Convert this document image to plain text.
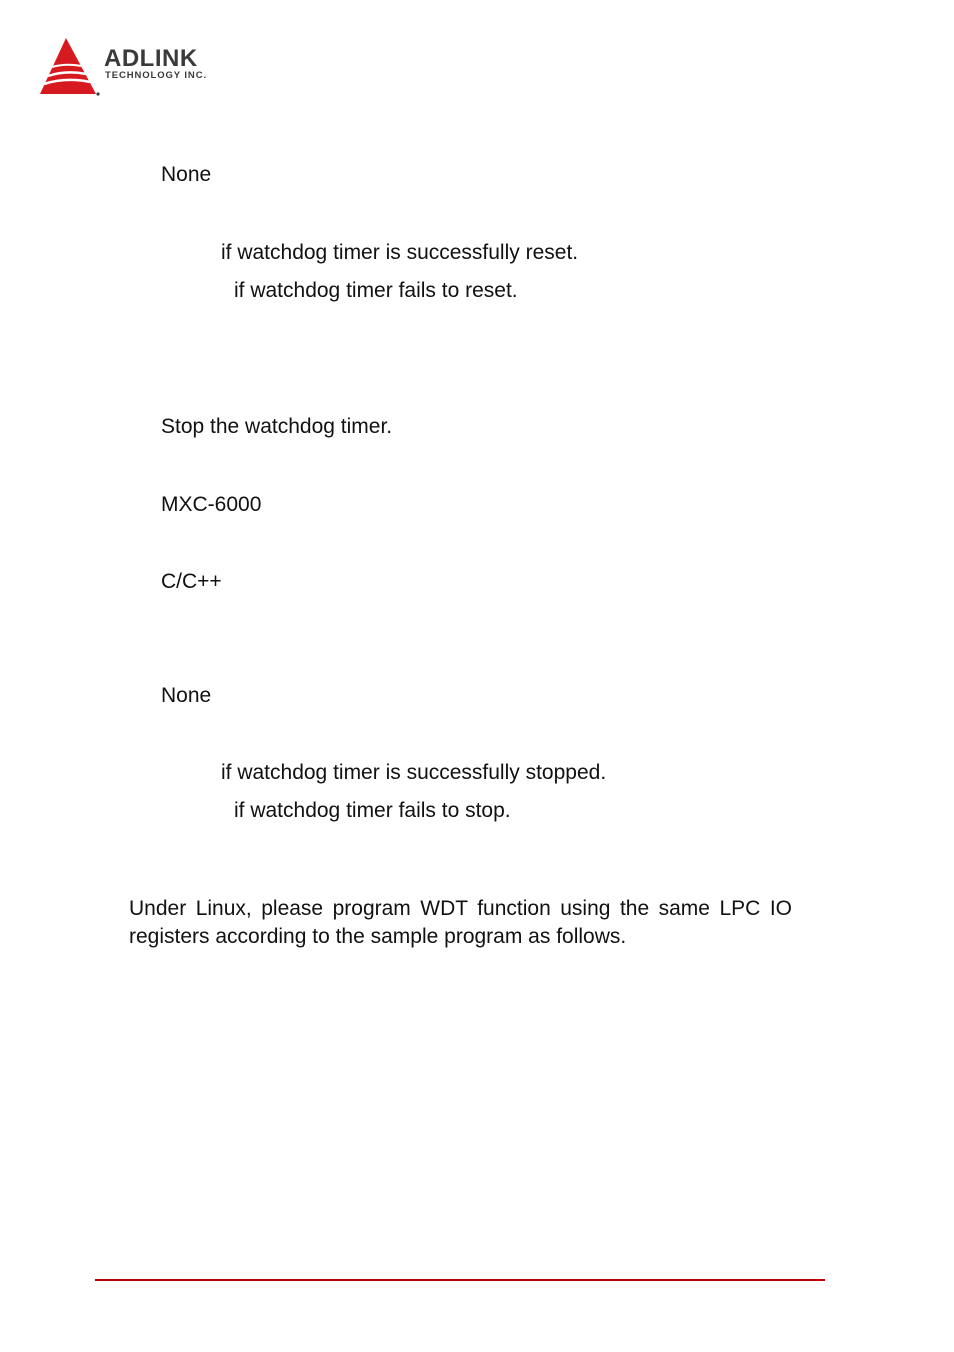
ADLINK
TECHNOLOGY INC.

None

if watchdog timer is successfully reset.

if watchdog timer fails to reset.

Stop the watchdog timer.

MXC-6000

C/C++

None

if watchdog timer is successfully stopped.

if watchdog timer fails to stop.

Under Linux, please program WDT function using the same LPC IO registers according to the sample program as follows.
